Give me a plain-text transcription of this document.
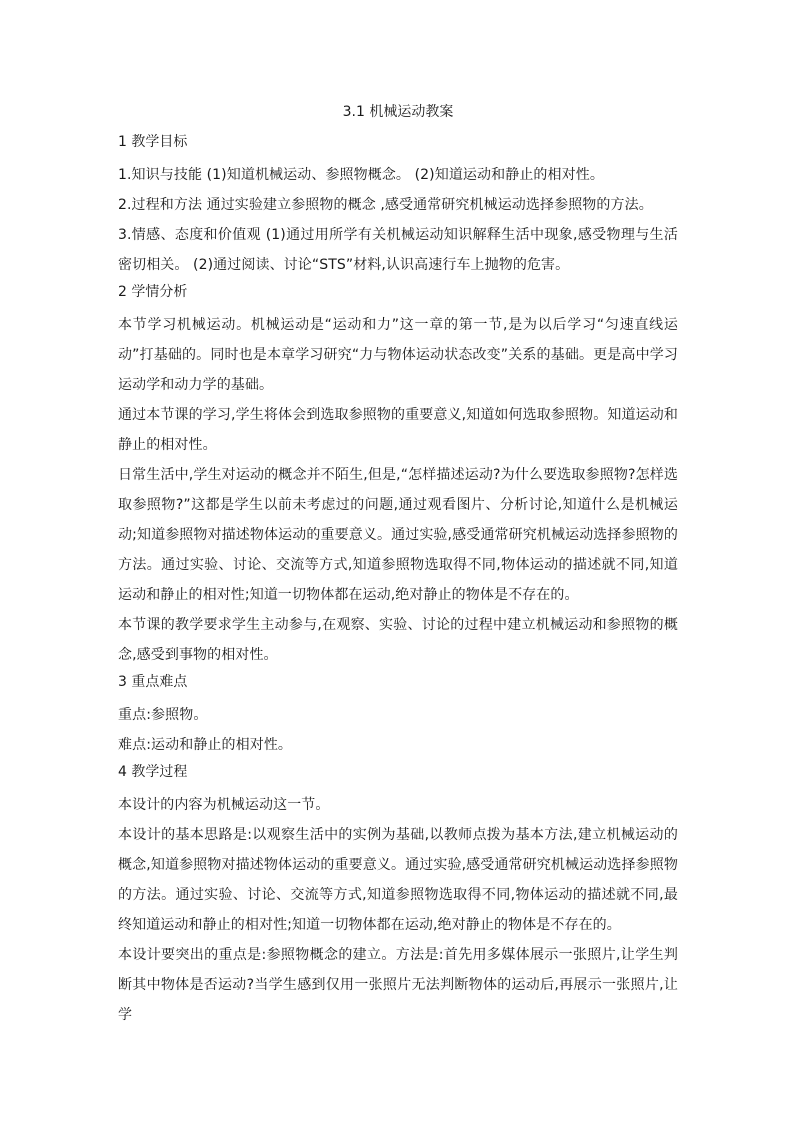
3.1 机械运动教案
1 教学目标

1.知识与技能 (1)知道机械运动、参照物概念。 (2)知道运动和静止的相对性。

2.过程和方法 通过实验建立参照物的概念 ,感受通常研究机械运动选择参照物的方法。

3.情感、态度和价值观 (1)通过用所学有关机械运动知识解释生活中现象,感受物理与生活密切相关。 (2)通过阅读、讨论“STS”材料,认识高速行车上抛物的危害。

2 学情分析

本节学习机械运动。机械运动是“运动和力”这一章的第一节,是为以后学习“匀速直线运动”打基础的。同时也是本章学习研究“力与物体运动状态改变”关系的基础。更是高中学习运动学和动力学的基础。

通过本节课的学习,学生将体会到选取参照物的重要意义,知道如何选取参照物。知道运动和静止的相对性。

日常生活中,学生对运动的概念并不陌生,但是,“怎样描述运动?为什么要选取参照物?怎样选取参照物?”这都是学生以前未考虑过的问题,通过观看图片、分析讨论,知道什么是机械运动;知道参照物对描述物体运动的重要意义。通过实验,感受通常研究机械运动选择参照物的方法。通过实验、讨论、交流等方式,知道参照物选取得不同,物体运动的描述就不同,知道运动和静止的相对性;知道一切物体都在运动,绝对静止的物体是不存在的。

本节课的教学要求学生主动参与,在观察、实验、讨论的过程中建立机械运动和参照物的概念,感受到事物的相对性。

3 重点难点

重点:参照物。

难点:运动和静止的相对性。

4 教学过程

本设计的内容为机械运动这一节。

本设计的基本思路是:以观察生活中的实例为基础,以教师点拨为基本方法,建立机械运动的概念,知道参照物对描述物体运动的重要意义。通过实验,感受通常研究机械运动选择参照物的方法。通过实验、讨论、交流等方式,知道参照物选取得不同,物体运动的描述就不同,最终知道运动和静止的相对性;知道一切物体都在运动,绝对静止的物体是不存在的。

本设计要突出的重点是:参照物概念的建立。方法是:首先用多媒体展示一张照片,让学生判断其中物体是否运动?当学生感到仅用一张照片无法判断物体的运动后,再展示一张照片,让学
